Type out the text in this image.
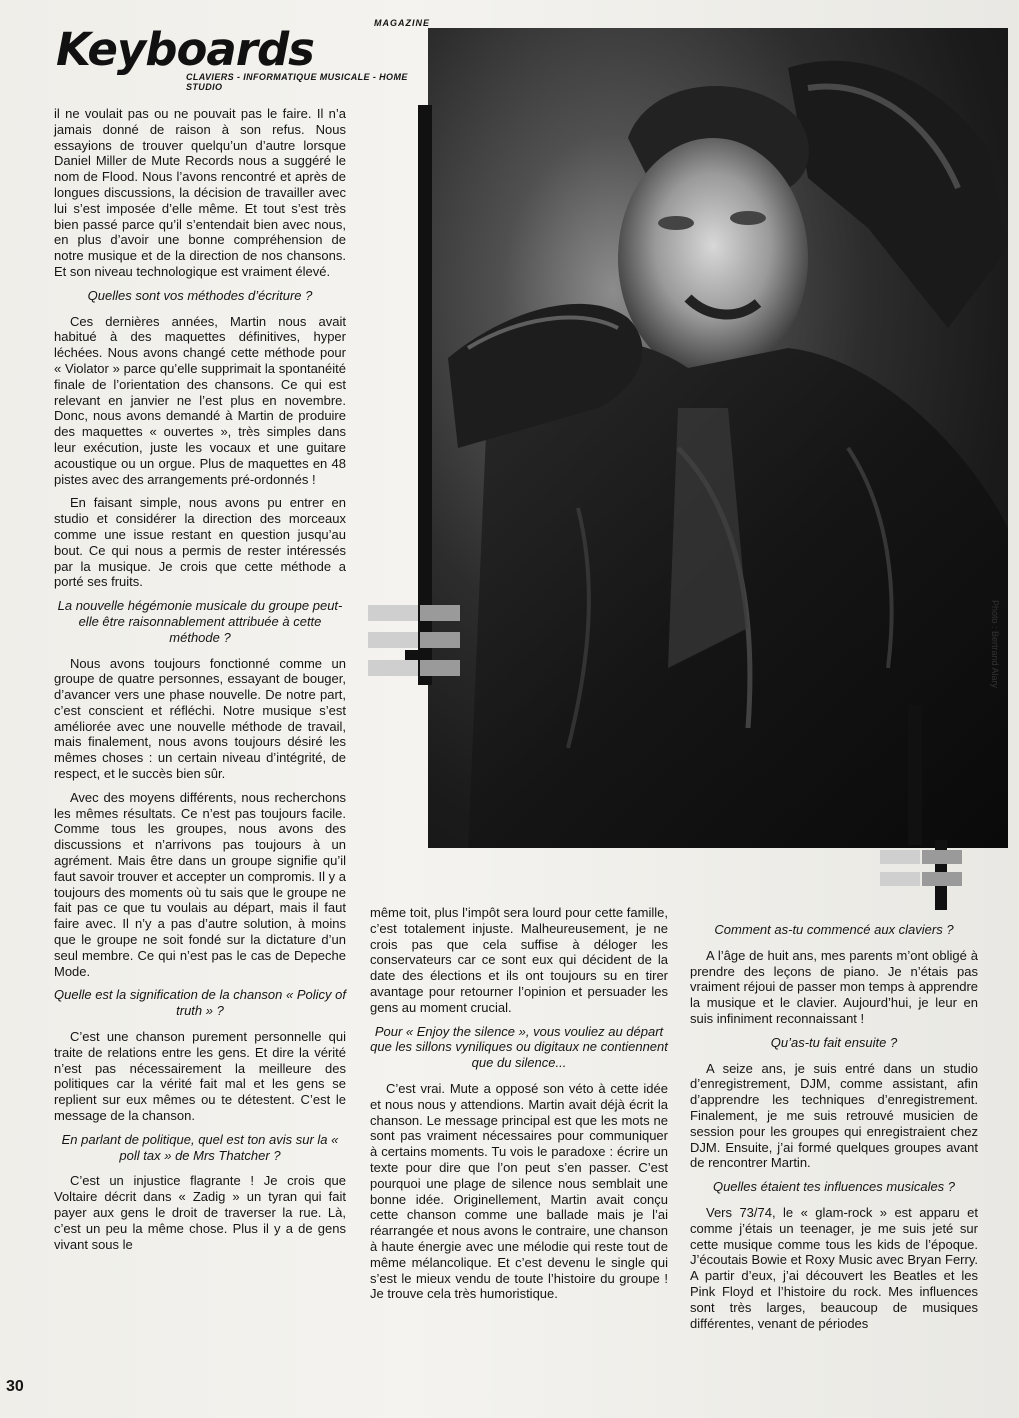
MAGAZINE
Keyboards
CLAVIERS - INFORMATIQUE MUSICALE - HOME STUDIO
Photo : Bertrand Alary

il ne voulait pas ou ne pouvait pas le faire. Il n’a jamais donné de raison à son refus. Nous essayions de trouver quelqu’un d’autre lorsque Daniel Miller de Mute Records nous a suggéré le nom de Flood. Nous l’avons rencontré et après de longues discussions, la décision de travailler avec lui s’est imposée d’elle même. Et tout s’est très bien passé parce qu’il s’entendait bien avec nous, en plus d’avoir une bonne compréhension de notre musique et de la direction de nos chansons. Et son niveau technologique est vraiment élevé.

Quelles sont vos méthodes d’écriture ?

Ces dernières années, Martin nous avait habitué à des maquettes définitives, hyper léchées. Nous avons changé cette méthode pour « Violator » parce qu’elle supprimait la spontanéité finale de l’orientation des chansons. Ce qui est relevant en janvier ne l’est plus en novembre. Donc, nous avons demandé à Martin de produire des maquettes « ouvertes », très simples dans leur exécution, juste les vocaux et une guitare acoustique ou un orgue. Plus de maquettes en 48 pistes avec des arrangements pré-ordonnés !

En faisant simple, nous avons pu entrer en studio et considérer la direction des morceaux comme une issue restant en question jusqu’au bout. Ce qui nous a permis de rester intéressés par la musique. Je crois que cette méthode a porté ses fruits.

La nouvelle hégémonie musicale du groupe peut-elle être raisonnablement attribuée à cette méthode ?

Nous avons toujours fonctionné comme un groupe de quatre personnes, essayant de bouger, d’avancer vers une phase nouvelle. De notre part, c’est conscient et réfléchi. Notre musique s’est améliorée avec une nouvelle méthode de travail, mais finalement, nous avons toujours désiré les mêmes choses : un certain niveau d’intégrité, de respect, et le succès bien sûr.

Avec des moyens différents, nous recherchons les mêmes résultats. Ce n’est pas toujours facile. Comme tous les groupes, nous avons des discussions et n’arrivons pas toujours à un agrément. Mais être dans un groupe signifie qu’il faut savoir trouver et accepter un compromis. Il y a toujours des moments où tu sais que le groupe ne fait pas ce que tu voulais au départ, mais il faut faire avec. Il n’y a pas d’autre solution, à moins que le groupe ne soit fondé sur la dictature d’un seul membre. Ce qui n’est pas le cas de Depeche Mode.

Quelle est la signification de la chanson « Policy of truth » ?

C’est une chanson purement personnelle qui traite de relations entre les gens. Et dire la vérité n’est pas nécessairement la meilleure des politiques car la vérité fait mal et les gens se replient sur eux mêmes ou te détestent. C’est le message de la chanson.

En parlant de politique, quel est ton avis sur la « poll tax » de Mrs Thatcher ?

C’est un injustice flagrante ! Je crois que Voltaire décrit dans « Zadig » un tyran qui fait payer aux gens le droit de traverser la rue. Là, c’est un peu la même chose. Plus il y a de gens vivant sous le

même toit, plus l’impôt sera lourd pour cette famille, c’est totalement injuste. Malheureusement, je ne crois pas que cela suffise à déloger les conservateurs car ce sont eux qui décident de la date des élections et ils ont toujours su en tirer avantage pour retourner l’opinion et persuader les gens au moment crucial.

Pour « Enjoy the silence », vous vouliez au départ que les sillons vyniliques ou digitaux ne contiennent que du silence...

C’est vrai. Mute a opposé son véto à cette idée et nous nous y attendions. Martin avait déjà écrit la chanson. Le message principal est que les mots ne sont pas vraiment nécessaires pour communiquer à certains moments. Tu vois le paradoxe : écrire un texte pour dire que l’on peut s’en passer. C’est pourquoi une plage de silence nous semblait une bonne idée. Originellement, Martin avait conçu cette chanson comme une ballade mais je l’ai réarrangée et nous avons le contraire, une chanson à haute énergie avec une mélodie qui reste tout de même mélancolique. Et c’est devenu le single qui s’est le mieux vendu de toute l’histoire du groupe ! Je trouve cela très humoristique.

Comment as-tu commencé aux claviers ?

A l’âge de huit ans, mes parents m’ont obligé à prendre des leçons de piano. Je n’étais pas vraiment réjoui de passer mon temps à apprendre la musique et le clavier. Aujourd’hui, je leur en suis infiniment reconnaissant !

Qu’as-tu fait ensuite ?

A seize ans, je suis entré dans un studio d’enregistrement, DJM, comme assistant, afin d’apprendre les techniques d’enregistrement. Finalement, je me suis retrouvé musicien de session pour les groupes qui enregistraient chez DJM. Ensuite, j’ai formé quelques groupes avant de rencontrer Martin.

Quelles étaient tes influences musicales ?

Vers 73/74, le « glam-rock » est apparu et comme j’étais un teenager, je me suis jeté sur cette musique comme tous les kids de l’époque. J’écoutais Bowie et Roxy Music avec Bryan Ferry. A partir d’eux, j’ai découvert les Beatles et les Pink Floyd et l’histoire du rock. Mes influences sont très larges, beaucoup de musiques différentes, venant de périodes

30
